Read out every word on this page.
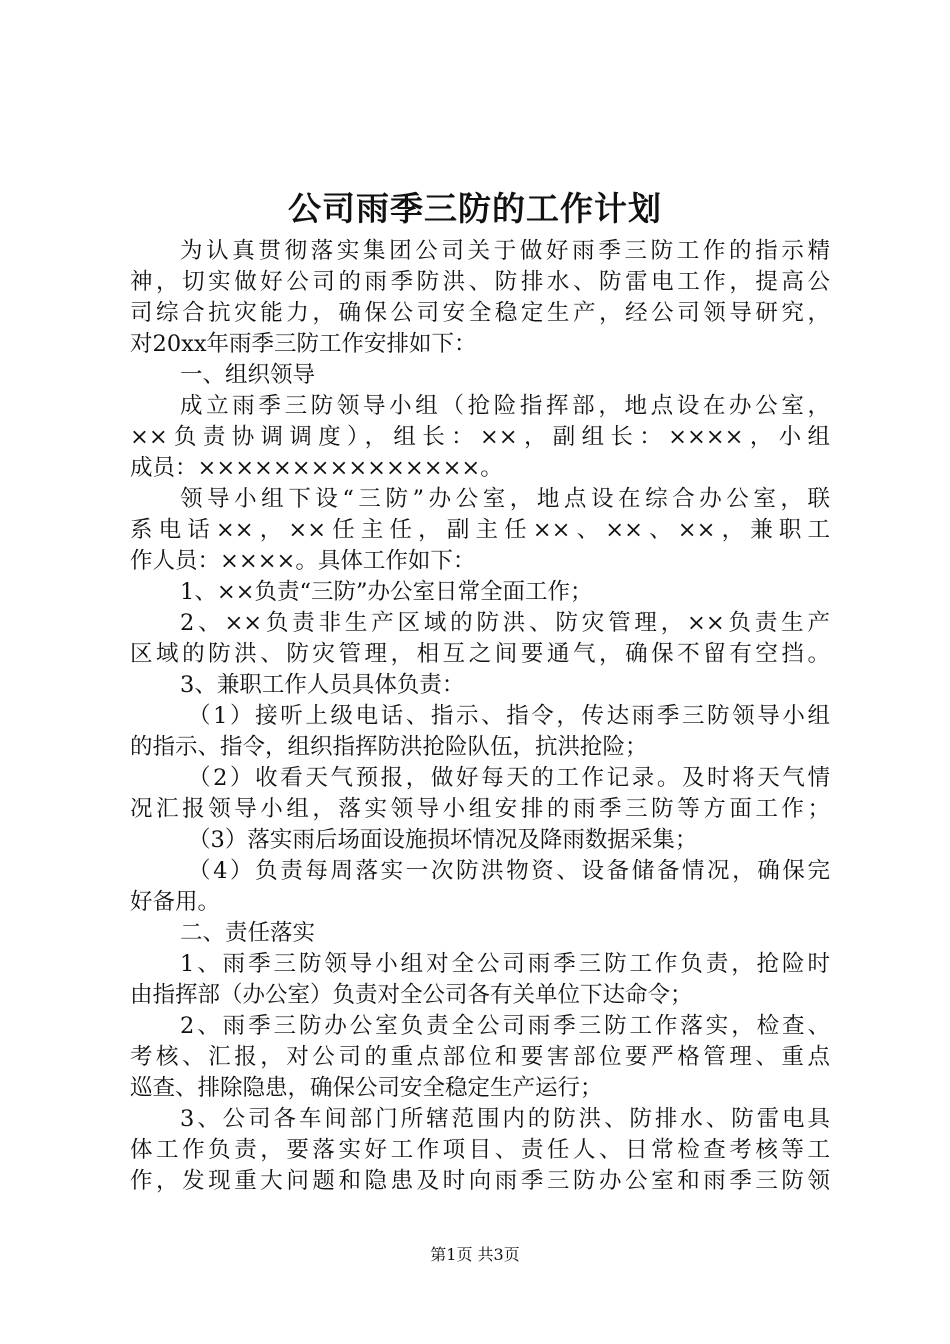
公司雨季三防的工作计划
为认真贯彻落实集团公司关于做好雨季三防工作的指示精
神，切实做好公司的雨季防洪、防排水、防雷电工作，提高公
司综合抗灾能力，确保公司安全稳定生产，经公司领导研究，
对20xx年雨季三防工作安排如下：
一、组织领导
成立雨季三防领导小组（抢险指挥部，地点设在办公室，
××负责协调调度），组长：××，副组长：××××，小组
成员：×××××××××××××××。
领导小组下设“三防”办公室，地点设在综合办公室，联
系电话××，××任主任，副主任××、××、××，兼职工
作人员：××××。具体工作如下：
1、××负责“三防”办公室日常全面工作；
2、××负责非生产区域的防洪、防灾管理，××负责生产
区域的防洪、防灾管理，相互之间要通气，确保不留有空挡。
3、兼职工作人员具体负责：
（1）接听上级电话、指示、指令，传达雨季三防领导小组
的指示、指令，组织指挥防洪抢险队伍，抗洪抢险；
（2）收看天气预报，做好每天的工作记录。及时将天气情
况汇报领导小组，落实领导小组安排的雨季三防等方面工作；
（3）落实雨后场面设施损坏情况及降雨数据采集；
（4）负责每周落实一次防洪物资、设备储备情况，确保完
好备用。
二、责任落实
1、雨季三防领导小组对全公司雨季三防工作负责，抢险时
由指挥部（办公室）负责对全公司各有关单位下达命令；
2、雨季三防办公室负责全公司雨季三防工作落实，检查、
考核、汇报，对公司的重点部位和要害部位要严格管理、重点
巡查、排除隐患，确保公司安全稳定生产运行；
3、公司各车间部门所辖范围内的防洪、防排水、防雷电具
体工作负责，要落实好工作项目、责任人、日常检查考核等工
作，发现重大问题和隐患及时向雨季三防办公室和雨季三防领
第1页 共3页
